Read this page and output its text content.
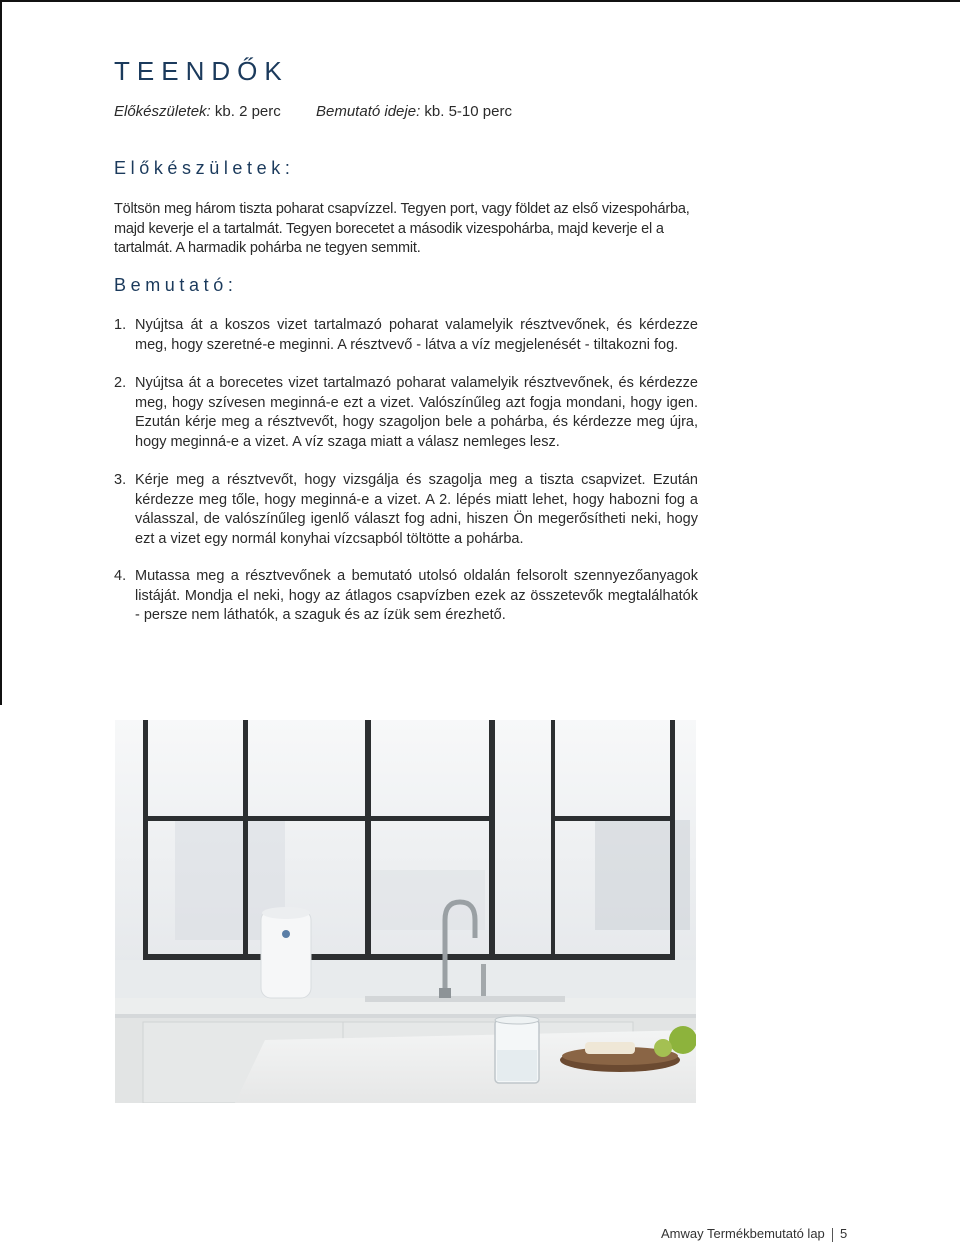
TEENDŐK
Előkészületek: kb. 2 perc Bemutató ideje: kb. 5-10 perc
Előkészületek:

Töltsön meg három tiszta poharat csapvízzel. Tegyen port, vagy földet az első vizespohárba, majd keverje el a tartalmát. Tegyen borecetet a második vizespohárba, majd keverje el a tartalmát. A harmadik pohárba ne tegyen semmit.

Bemutató:
1. Nyújtsa át a koszos vizet tartalmazó poharat valamelyik résztvevőnek, és kérdezze meg, hogy szeretné-e meginni. A résztvevő - látva a víz megjelenését - tiltakozni fog.
2. Nyújtsa át a borecetes vizet tartalmazó poharat valamelyik résztvevőnek, és kérdezze meg, hogy szívesen meginná-e ezt a vizet. Valószínűleg azt fogja mondani, hogy igen. Ezután kérje meg a résztvevőt, hogy szagoljon bele a pohárba, és kérdezze meg újra, hogy meginná-e a vizet. A víz szaga miatt a válasz nemleges lesz.
3. Kérje meg a résztvevőt, hogy vizsgálja és szagolja meg a tiszta csapvizet. Ezután kérdezze meg tőle, hogy meginná-e a vizet. A 2. lépés miatt lehet, hogy habozni fog a válasszal, de valószínűleg igenlő választ fog adni, hiszen Ön megerősítheti neki, hogy ezt a vizet egy normál konyhai vízcsapból töltötte a pohárba.
4. Mutassa meg a résztvevőnek a bemutató utolsó oldalán felsorolt szennyezőanyagok listáját. Mondja el neki, hogy az átlagos csapvízben ezek az összetevők megtalálhatók - persze nem láthatók, a szaguk és az ízük sem érezhető.
Amway Termékbemutató lap 5
